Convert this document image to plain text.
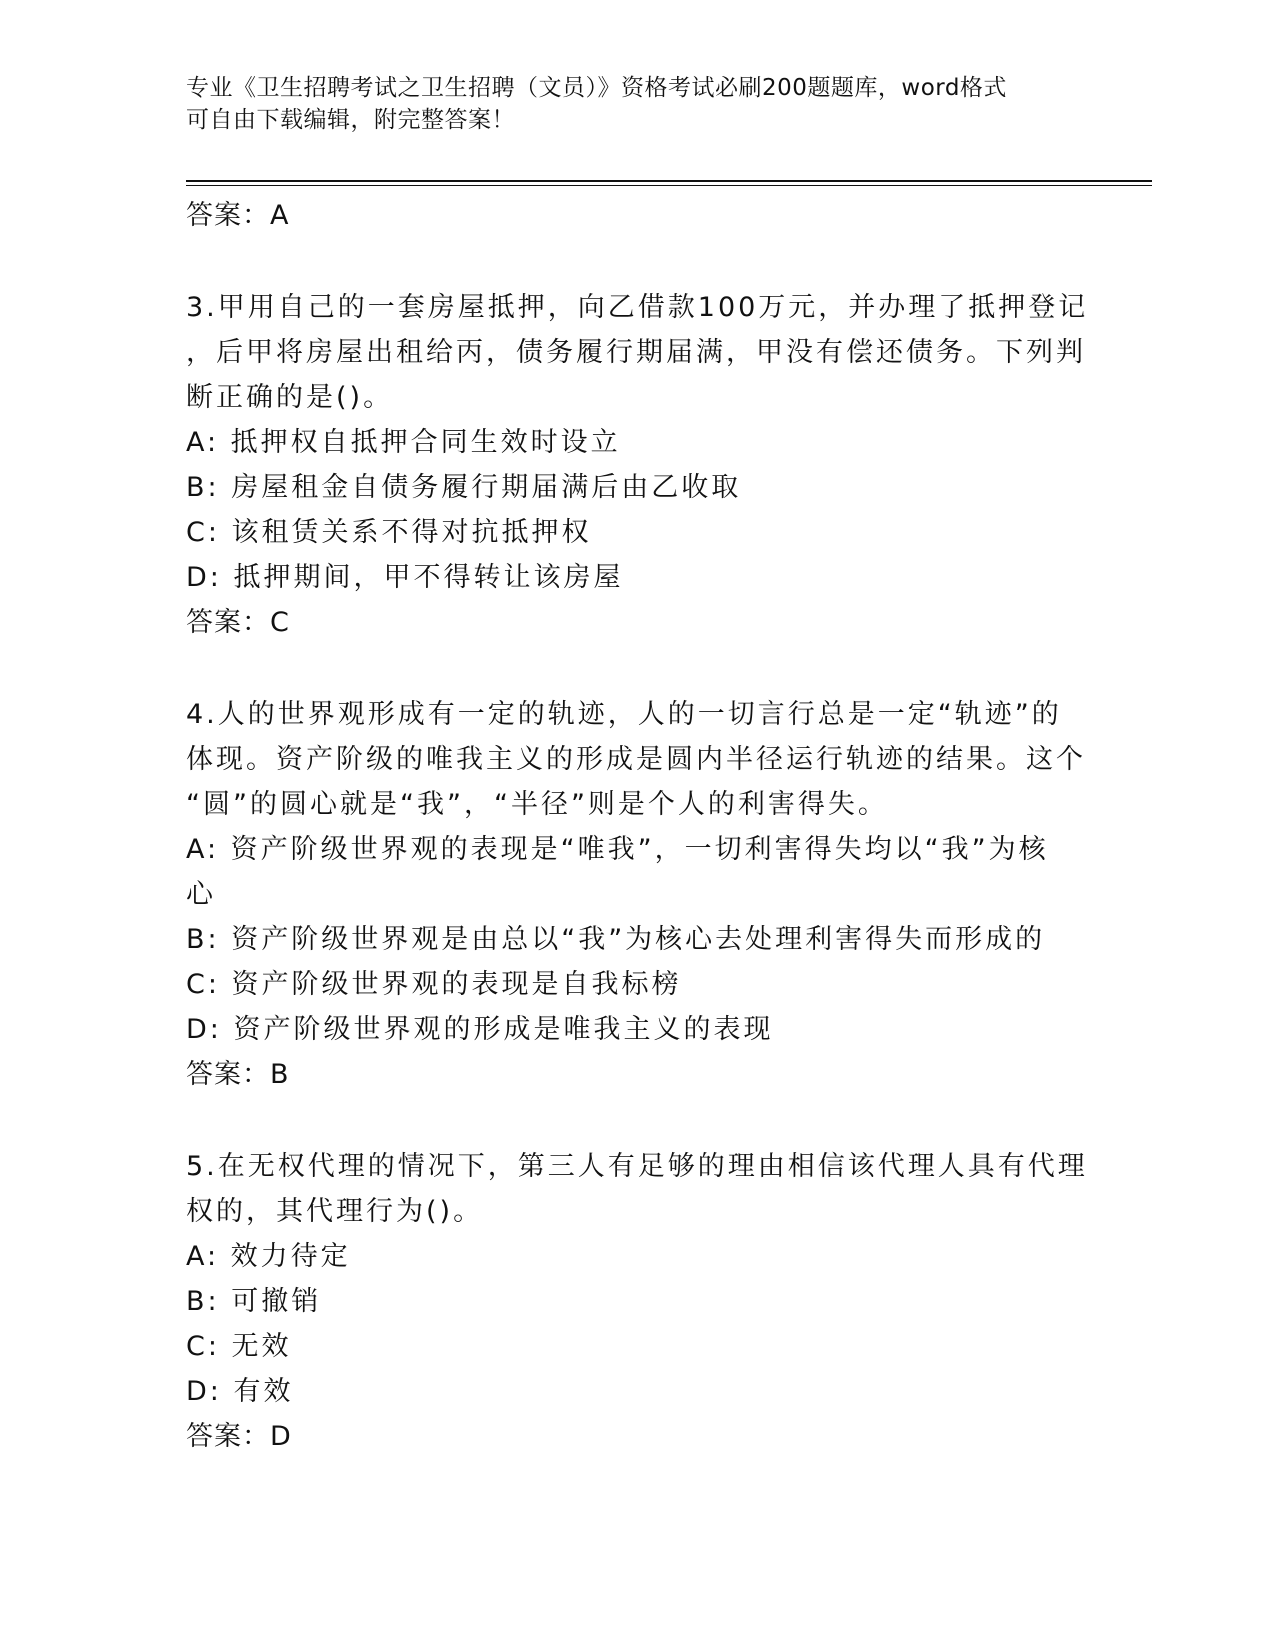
专业《卫生招聘考试之卫生招聘（文员）》资格考试必刷200题题库，word格式
可自由下载编辑，附完整答案！
答案：A
3.甲用自己的一套房屋抵押，向乙借款100万元，并办理了抵押登记
，后甲将房屋出租给丙，债务履行期届满，甲没有偿还债务。下列判
断正确的是()。
A: 抵押权自抵押合同生效时设立
B: 房屋租金自债务履行期届满后由乙收取
C: 该租赁关系不得对抗抵押权
D: 抵押期间，甲不得转让该房屋
答案：C
4.人的世界观形成有一定的轨迹，人的一切言行总是一定“轨迹”的
体现。资产阶级的唯我主义的形成是圆内半径运行轨迹的结果。这个
“圆”的圆心就是“我”，“半径”则是个人的利害得失。
A: 资产阶级世界观的表现是“唯我”，一切利害得失均以“我”为核
心
B: 资产阶级世界观是由总以“我”为核心去处理利害得失而形成的
C: 资产阶级世界观的表现是自我标榜
D: 资产阶级世界观的形成是唯我主义的表现
答案：B
5.在无权代理的情况下，第三人有足够的理由相信该代理人具有代理
权的，其代理行为()。
A: 效力待定
B: 可撤销
C: 无效
D: 有效
答案：D
